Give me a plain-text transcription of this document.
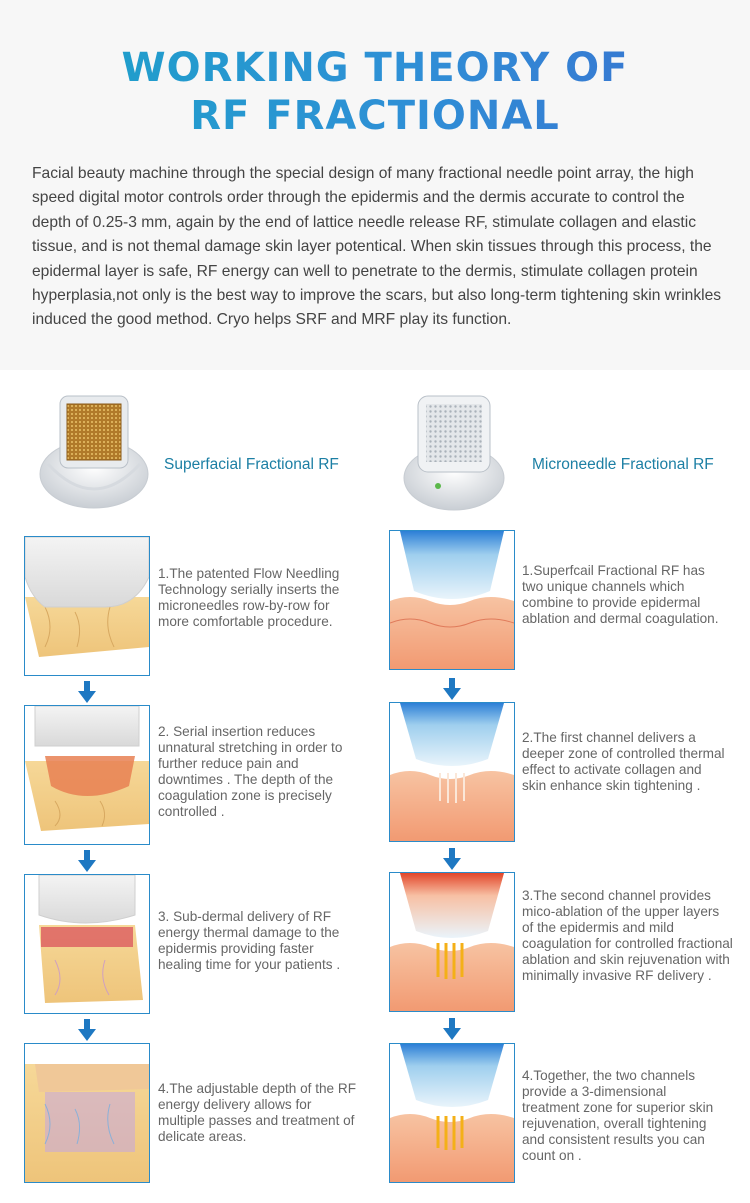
WORKING THEORY OF
RF FRACTIONAL

Facial beauty machine through the special design of many fractional needle point array, the high speed digital motor controls order through the epidermis and the dermis accurate to control the depth of 0.25-3 mm, again by the end of lattice needle release RF, stimulate collagen and elastic tissue, and is not themal damage skin layer potentical. When skin tissues through this process, the epidermal layer is safe, RF energy can well to penetrate to the dermis, stimulate collagen protein hyperplasia,not only is the best way to improve the scars, but also long-term tightening skin wrinkles induced the good method. Cryo helps SRF and MRF play its function.

Superfacial Fractional RF	Microneedle Fractional RF

1.The patented Flow Needling Technology serially inserts the microneedles row-by-row for more comfortable procedure.

2. Serial insertion reduces unnatural stretching in order to further reduce pain and downtimes . The depth of the coagulation zone is precisely controlled .

3. Sub-dermal delivery of RF energy thermal damage to the epidermis providing faster healing time for your patients .

4.The adjustable depth of the RF energy delivery allows for multiple passes and treatment of delicate areas.

1.Superfcail Fractional RF has two unique channels which combine to provide epidermal ablation and dermal coagulation.

2.The first channel delivers a deeper zone of controlled thermal effect to activate collagen and skin enhance skin tightening .

3.The second channel provides mico-ablation of the upper layers of the epidermis and mild coagulation for controlled fractional ablation and skin rejuvenation with minimally invasive RF delivery .

4.Together, the two channels provide a 3-dimensional treatment zone for superior skin rejuvenation, overall tightening and consistent results you can count on .
